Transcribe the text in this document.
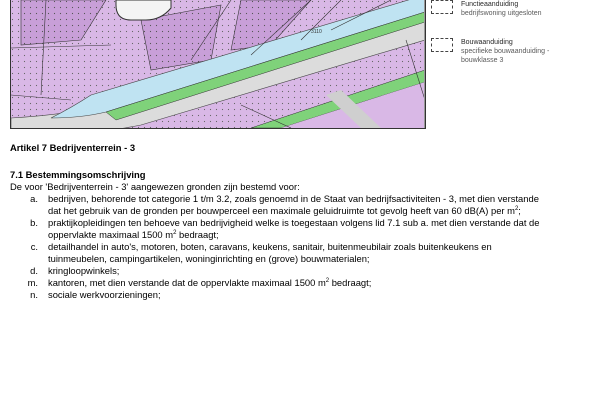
3110
Functieaanduiding
bedrijfswoning uitgesloten
Bouwaanduiding
specifieke bouwaanduiding -
bouwklasse 3
Artikel 7 Bedrijventerrein - 3
7.1 Bestemmingsomschrijving
De voor 'Bedrijventerrein - 3' aangewezen gronden zijn bestemd voor:
a.	bedrijven, behorende tot categorie 1 t/m 3.2, zoals genoemd in de Staat van bedrijfsactiviteiten - 3, met dien verstande
dat het gebruik van de gronden per bouwperceel een maximale geluidruimte tot gevolg heeft van 60 dB(A) per $m^2$;
b.	praktijkopleidingen ten behoeve van bedrijvigheid welke is toegestaan volgens lid 7.1 sub a. met dien verstande dat de
oppervlakte maximaal 1500 $m^2$ bedraagt;
c.	detailhandel in auto's, motoren, boten, caravans, keukens, sanitair, buitenmeubilair zoals buitenkeukens en
tuinmeubelen, campingartikelen, woninginrichting en (grove) bouwmaterialen;
d.	kringloopwinkels;
m.	kantoren, met dien verstande dat de oppervlakte maximaal 1500 $m^2$ bedraagt;
n.	sociale werkvoorzieningen;
